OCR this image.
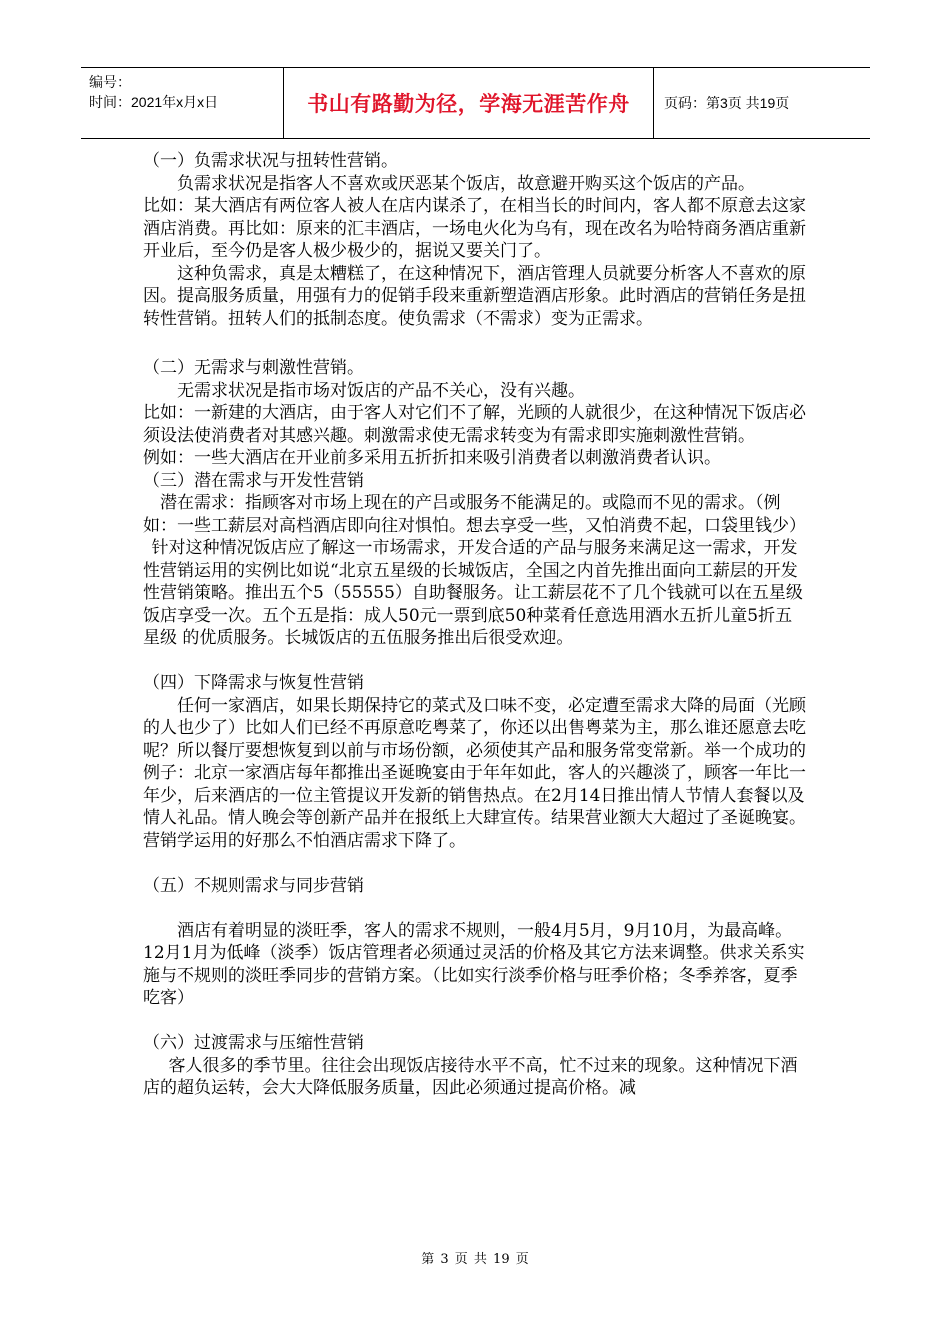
编号：
时间：2021年x月x日	书山有路勤为径，学海无涯苦作舟 页码：第3页 共19页

（一）负需求状况与扭转性营销。

负需求状况是指客人不喜欢或厌恶某个饭店，故意避开购买这个饭店的产品。

比如：某大酒店有两位客人被人在店内谋杀了，在相当长的时间内，客人都不原意去这家酒店消费。再比如：原来的汇丰酒店，一场电火化为乌有，现在改名为哈特商务酒店重新开业后，至今仍是客人极少极少的，据说又要关门了。

这种负需求，真是太糟糕了，在这种情况下，酒店管理人员就要分析客人不喜欢的原因。提高服务质量，用强有力的促销手段来重新塑造酒店形象。此时酒店的营销任务是扭转性营销。扭转人们的抵制态度。使负需求（不需求）变为正需求。

（二）无需求与刺激性营销。

无需求状况是指市场对饭店的产品不关心，没有兴趣。

比如：一新建的大酒店，由于客人对它们不了解，光顾的人就很少，在这种情况下饭店必须设法使消费者对其感兴趣。刺激需求使无需求转变为有需求即实施刺激性营销。

例如：一些大酒店在开业前多采用五折折扣来吸引消费者以刺激消费者认识。

（三）潜在需求与开发性营销

潜在需求：指顾客对市场上现在的产吕或服务不能满足的。或隐而不见的需求。（例如：一些工薪层对高档酒店即向往对惧怕。想去享受一些，又怕消费不起，口袋里钱少）

针对这种情况饭店应了解这一市场需求，开发合适的产品与服务来满足这一需求，开发性营销运用的实例比如说“北京五星级的长城饭店，全国之内首先推出面向工薪层的开发性营销策略。推出五个5（55555）自助餐服务。让工薪层花不了几个钱就可以在五星级饭店享受一次。五个五是指：成人50元一票到底50种菜肴任意选用酒水五折儿童5折五星级 的优质服务。长城饭店的五伍服务推出后很受欢迎。

（四）下降需求与恢复性营销

任何一家酒店，如果长期保持它的菜式及口味不变，必定遭至需求大降的局面（光顾的人也少了）比如人们已经不再原意吃粤菜了，你还以出售粤菜为主，那么谁还愿意去吃呢？所以餐厅要想恢复到以前与市场份额，必须使其产品和服务常变常新。举一个成功的例子：北京一家酒店每年都推出圣诞晚宴由于年年如此，客人的兴趣淡了，顾客一年比一年少，后来酒店的一位主管提议开发新的销售热点。在2月14日推出情人节情人套餐以及情人礼品。情人晚会等创新产品并在报纸上大肆宣传。结果营业额大大超过了圣诞晚宴。营销学运用的好那么不怕酒店需求下降了。

（五）不规则需求与同步营销

酒店有着明显的淡旺季，客人的需求不规则，一般4月5月，9月10月，为最高峰。12月1月为低峰（淡季）饭店管理者必须通过灵活的价格及其它方法来调整。供求关系实施与不规则的淡旺季同步的营销方案。（比如实行淡季价格与旺季价格；冬季养客，夏季吃客）

（六）过渡需求与压缩性营销

客人很多的季节里。往往会出现饭店接待水平不高，忙不过来的现象。这种情况下酒店的超负运转，会大大降低服务质量，因此必须通过提高价格。减

第 3 页 共 19 页
